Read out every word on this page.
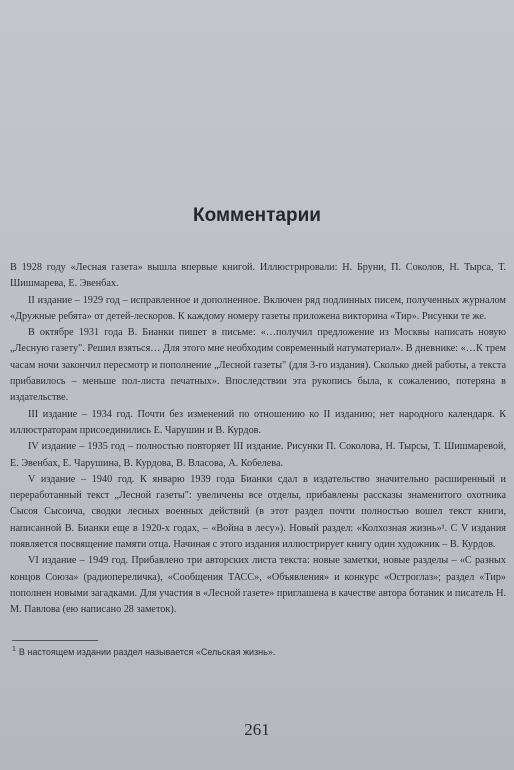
Комментарии

В 1928 году «Лесная газета» вышла впервые книгой. Иллюстрировали: Н. Бруни, П. Соколов, Н. Тырса, Т. Шишмарева, Е. Эвенбах.

II издание – 1929 год – исправленное и дополненное. Включен ряд подлинных писем, полученных журналом «Дружные ребята» от детей-лескоров. К каждому номеру газеты приложена викторина «Тир». Рисунки те же.

В октябре 1931 года В. Бианки пишет в письме: «…получил предложение из Москвы написать новую „Лесную газету". Решил взяться… Для этого мне необходим современный натуматериал». В дневнике: «…К трем часам ночи закончил пересмотр и пополнение „Лесной газеты" (для 3-го издания). Сколько дней работы, а текста прибавилось – меньше пол-листа печатных». Впоследствии эта рукопись была, к сожалению, потеряна в издательстве.

III издание – 1934 год. Почти без изменений по отношению ко II изданию; нет народного календаря. К иллюстраторам присоединились Е. Чарушин и В. Курдов.

IV издание – 1935 год – полностью повторяет III издание. Рисунки П. Соколова, Н. Тырсы, Т. Шишмаревой, Е. Эвенбах, Е. Чарушина, В. Курдова, В. Власова, А. Кобелева.

V издание – 1940 год. К январю 1939 года Бианки сдал в издательство значительно расширенный и переработанный текст „Лесной газеты": увеличены все отделы, прибавлены рассказы знаменитого охотника Сысоя Сысоича, сводки лесных военных действий (в этот раздел почти полностью вошел текст книги, написанной В. Бианки еще в 1920-х годах, – «Война в лесу»). Новый раздел: «Колхозная жизнь»¹. С V издания появляется посвящение памяти отца. Начиная с этого издания иллюстрирует книгу один художник – В. Курдов.

VI издание – 1949 год. Прибавлено три авторских листа текста: новые заметки, новые разделы – «С разных концов Союза» (радиопереличка), «Сообщения ТАСС», «Объявления» и конкурс «Остроглаз»; раздел «Тир» пополнен новыми загадками. Для участия в «Лесной газете» приглашена в качестве автора ботаник и писатель Н. М. Павлова (ею написано 28 заметок).

$^1$ В настоящем издании раздел называется «Сельская жизнь».
261
